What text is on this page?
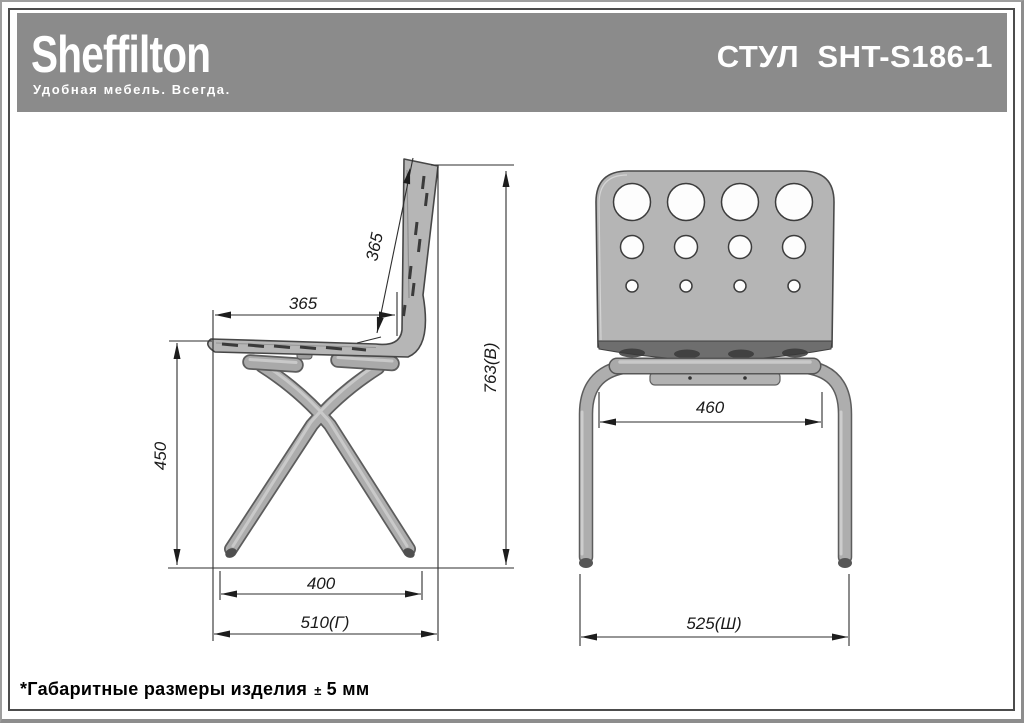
Sheffilton
Удобная мебель. Всегда.
СТУЛ  SHT-S186-1
365
365
763(В)
450
400
510(Г)
460
525(Ш)
*Габаритные размеры изделия ± 5 мм
